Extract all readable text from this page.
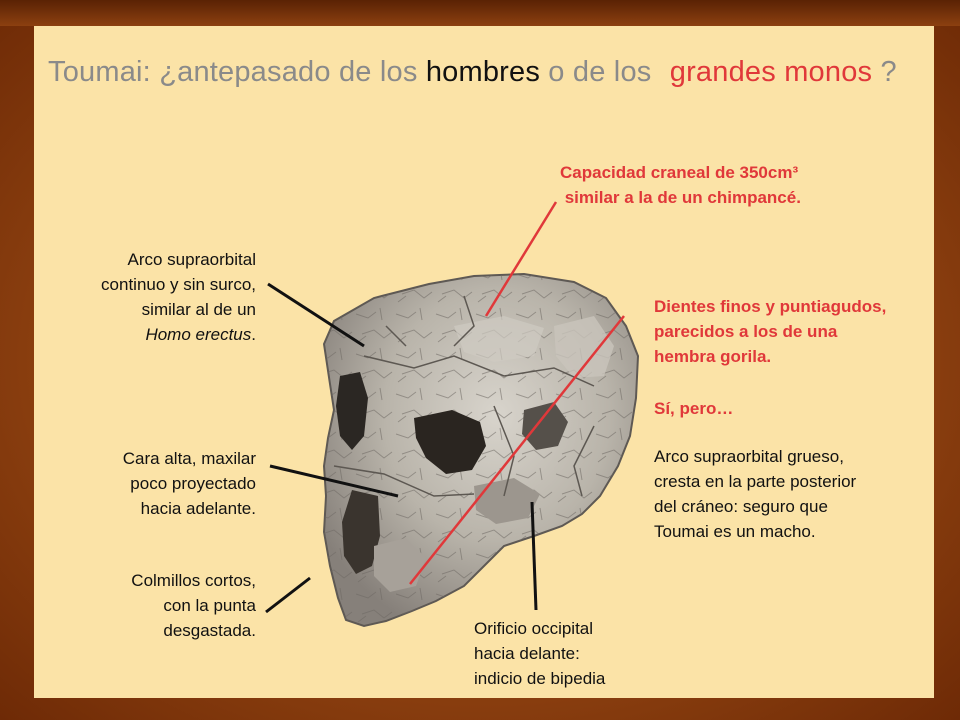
Toumai: ¿antepasado de los hombres o de los grandes monos ?
Capacidad craneal de 350cm³
similar a la de un chimpancé.
Arco supraorbital
continuo y sin surco,
similar al de un
Homo erectus.
Cara alta, maxilar
poco proyectado
hacia adelante.
Colmillos cortos,
con la punta
desgastada.
Dientes finos y puntiagudos,
parecidos a los de una
hembra gorila.
Sí, pero…
Arco supraorbital grueso,
cresta en la parte posterior
del cráneo: seguro que
Toumai es un macho.
Orificio occipital
hacia delante:
indicio de bipedia
